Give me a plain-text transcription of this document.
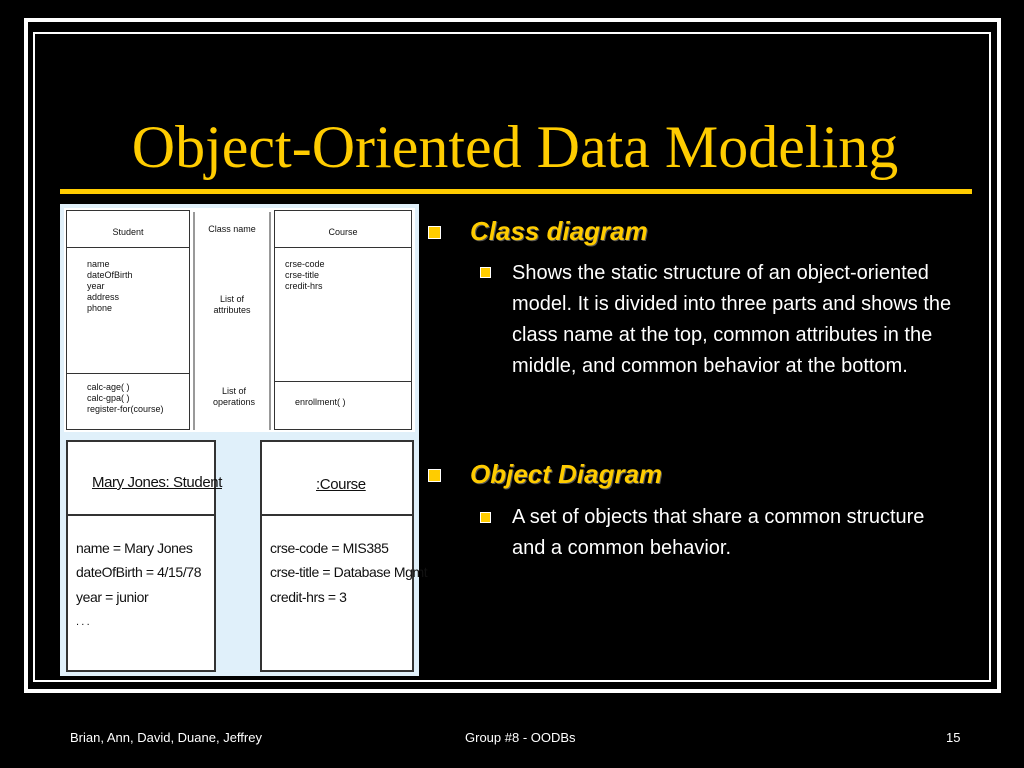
Object-Oriented Data Modeling
Student
name
dateOfBirth
year
address
phone
calc-age( )
calc-gpa( )
register-for(course)
Class name
List of attributes
List of operations
Course
crse-code
crse-title
credit-hrs
enrollment( )
Mary Jones: Student
name = Mary Jones
dateOfBirth = 4/15/78
year = junior
. . .
:Course
crse-code = MIS385
crse-title = Database Mgmt
credit-hrs = 3
Class diagram
Shows the static structure of an object-oriented model. It is divided into three parts and shows the class name at the top, common attributes in the middle, and common behavior at the bottom.
Object Diagram
A set of objects that share a common structure and a common behavior.
Brian, Ann, David, Duane, Jeffrey	Group #8 - OODBs	15
